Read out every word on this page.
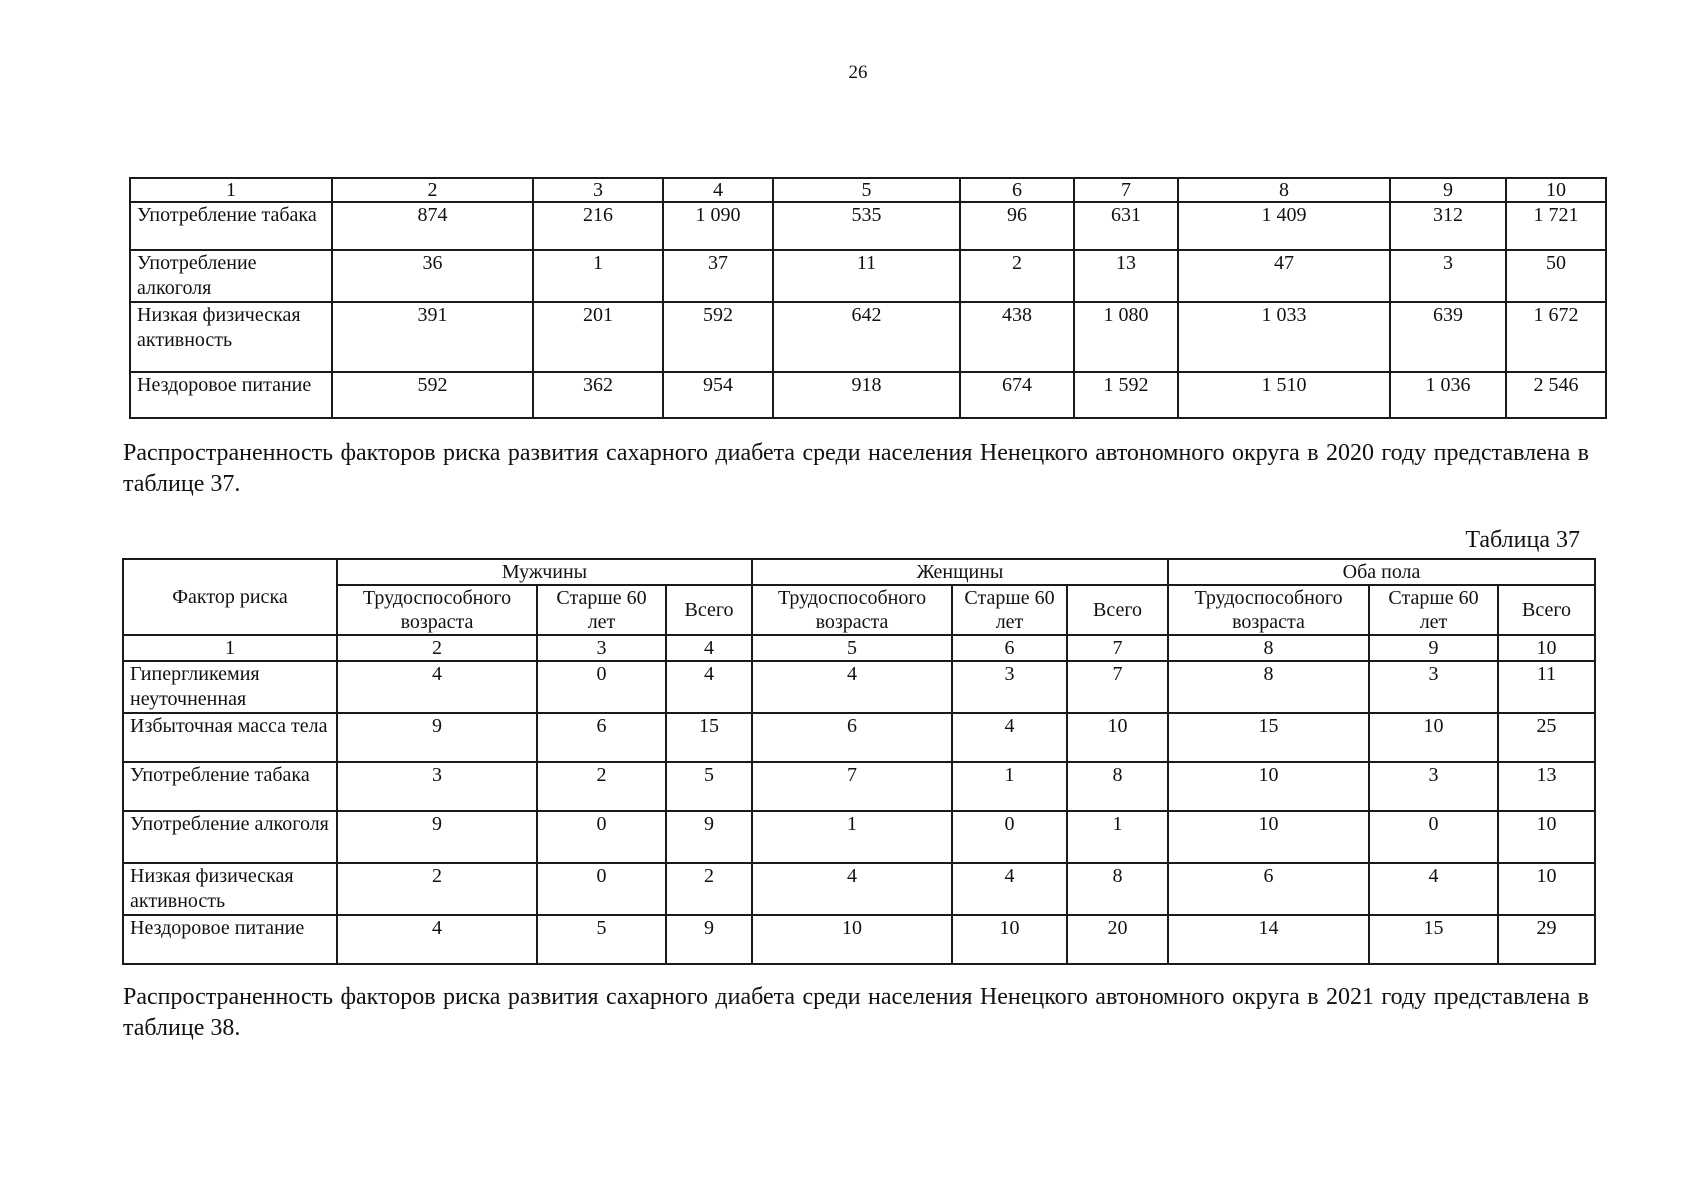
26
1	2	3	4	5	6	7	8	9	10
Употребление табака	874	216	1 090	535	96	631	1 409	312	1 721
Употребление алкоголя	36	1	37	11	2	13	47	3	50
Низкая физическая активность	391	201	592	642	438	1 080	1 033	639	1 672
Нездоровое питание	592	362	954	918	674	1 592	1 510	1 036	2 546
Распространенность факторов риска развития сахарного диабета среди населения Ненецкого автономного округа в 2020 году представлена в таблице 37.
Таблица 37
Фактор риска	Мужчины			Женщины			Оба пола		
	Трудоспособного возраста	Старше 60 лет	Всего	Трудоспособного возраста	Старше 60 лет	Всего	Трудоспособного возраста	Старше 60 лет	Всего
1	2	3	4	5	6	7	8	9	10
Гипергликемия неуточненная	4	0	4	4	3	7	8	3	11
Избыточная масса тела	9	6	15	6	4	10	15	10	25
Употребление табака	3	2	5	7	1	8	10	3	13
Употребление алкоголя	9	0	9	1	0	1	10	0	10
Низкая физическая активность	2	0	2	4	4	8	6	4	10
Нездоровое питание	4	5	9	10	10	20	14	15	29
Распространенность факторов риска развития сахарного диабета среди населения Ненецкого автономного округа в 2021 году представлена в таблице 38.
